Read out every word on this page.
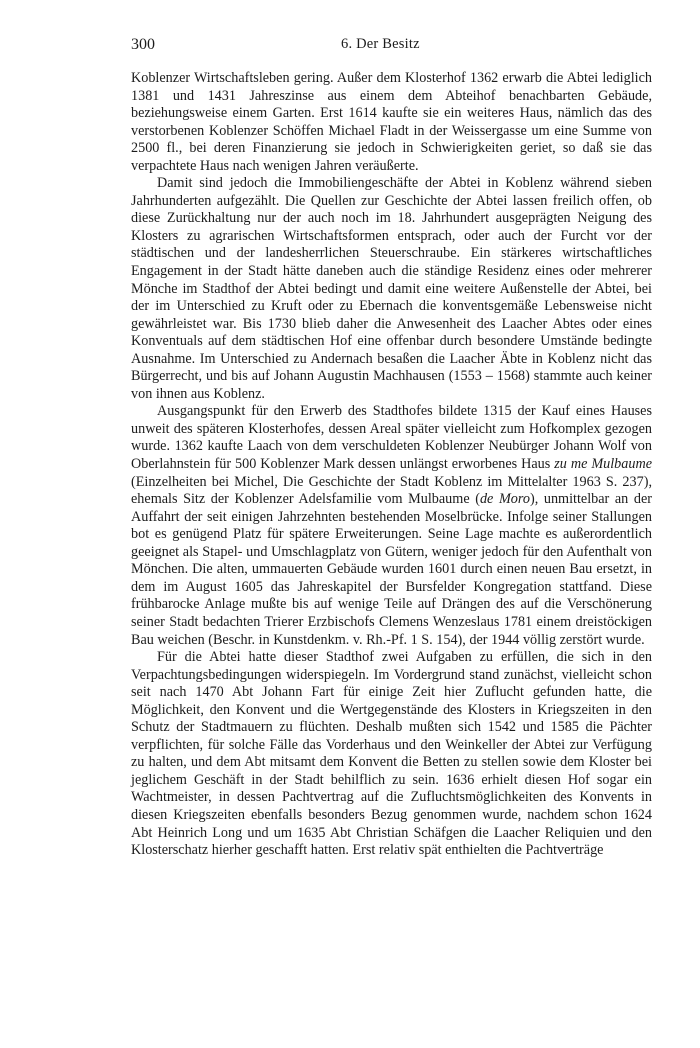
300	6. Der Besitz

Koblenzer Wirtschaftsleben gering. Außer dem Klosterhof 1362 erwarb die Abtei lediglich 1381 und 1431 Jahreszinse aus einem dem Abteihof benachbarten Gebäude, beziehungsweise einem Garten. Erst 1614 kaufte sie ein weiteres Haus, nämlich das des verstorbenen Koblenzer Schöffen Michael Fladt in der Weissergasse um eine Summe von 2500 fl., bei deren Finanzierung sie jedoch in Schwierigkeiten geriet, so daß sie das verpachtete Haus nach wenigen Jahren veräußerte.

Damit sind jedoch die Immobiliengeschäfte der Abtei in Koblenz während sieben Jahrhunderten aufgezählt. Die Quellen zur Geschichte der Abtei lassen freilich offen, ob diese Zurückhaltung nur der auch noch im 18. Jahrhundert ausgeprägten Neigung des Klosters zu agrarischen Wirtschaftsformen entsprach, oder auch der Furcht vor der städtischen und der landesherrlichen Steuerschraube. Ein stärkeres wirtschaftliches Engagement in der Stadt hätte daneben auch die ständige Residenz eines oder mehrerer Mönche im Stadthof der Abtei bedingt und damit eine weitere Außenstelle der Abtei, bei der im Unterschied zu Kruft oder zu Ebernach die konventsgemäße Lebensweise nicht gewährleistet war. Bis 1730 blieb daher die Anwesenheit des Laacher Abtes oder eines Konventuals auf dem städtischen Hof eine offenbar durch besondere Umstände bedingte Ausnahme. Im Unterschied zu Andernach besaßen die Laacher Äbte in Koblenz nicht das Bürgerrecht, und bis auf Johann Augustin Machhausen (1553 – 1568) stammte auch keiner von ihnen aus Koblenz.

Ausgangspunkt für den Erwerb des Stadthofes bildete 1315 der Kauf eines Hauses unweit des späteren Klosterhofes, dessen Areal später vielleicht zum Hofkomplex gezogen wurde. 1362 kaufte Laach von dem verschuldeten Koblenzer Neubürger Johann Wolf von Oberlahnstein für 500 Koblenzer Mark dessen unlängst erworbenes Haus zu me Mulbaume (Einzelheiten bei Michel, Die Geschichte der Stadt Koblenz im Mittelalter 1963 S. 237), ehemals Sitz der Koblenzer Adelsfamilie vom Mulbaume (de Moro), unmittelbar an der Auffahrt der seit einigen Jahrzehnten bestehenden Moselbrücke. Infolge seiner Stallungen bot es genügend Platz für spätere Erweiterungen. Seine Lage machte es außerordentlich geeignet als Stapel- und Umschlagplatz von Gütern, weniger jedoch für den Aufenthalt von Mönchen. Die alten, ummauerten Gebäude wurden 1601 durch einen neuen Bau ersetzt, in dem im August 1605 das Jahreskapitel der Bursfelder Kongregation stattfand. Diese frühbarocke Anlage mußte bis auf wenige Teile auf Drängen des auf die Verschönerung seiner Stadt bedachten Trierer Erzbischofs Clemens Wenzeslaus 1781 einem dreistöckigen Bau weichen (Beschr. in Kunstdenkm. v. Rh.-Pf. 1 S. 154), der 1944 völlig zerstört wurde.

Für die Abtei hatte dieser Stadthof zwei Aufgaben zu erfüllen, die sich in den Verpachtungsbedingungen widerspiegeln. Im Vordergrund stand zunächst, vielleicht schon seit nach 1470 Abt Johann Fart für einige Zeit hier Zuflucht gefunden hatte, die Möglichkeit, den Konvent und die Wertgegenstände des Klosters in Kriegszeiten in den Schutz der Stadtmauern zu flüchten. Deshalb mußten sich 1542 und 1585 die Pächter verpflichten, für solche Fälle das Vorderhaus und den Weinkeller der Abtei zur Verfügung zu halten, und dem Abt mitsamt dem Konvent die Betten zu stellen sowie dem Kloster bei jeglichem Geschäft in der Stadt behilflich zu sein. 1636 erhielt diesen Hof sogar ein Wachtmeister, in dessen Pachtvertrag auf die Zufluchtsmöglichkeiten des Konvents in diesen Kriegszeiten ebenfalls besonders Bezug genommen wurde, nachdem schon 1624 Abt Heinrich Long und um 1635 Abt Christian Schäfgen die Laacher Reliquien und den Klosterschatz hierher geschafft hatten. Erst relativ spät enthielten die Pachtverträge
